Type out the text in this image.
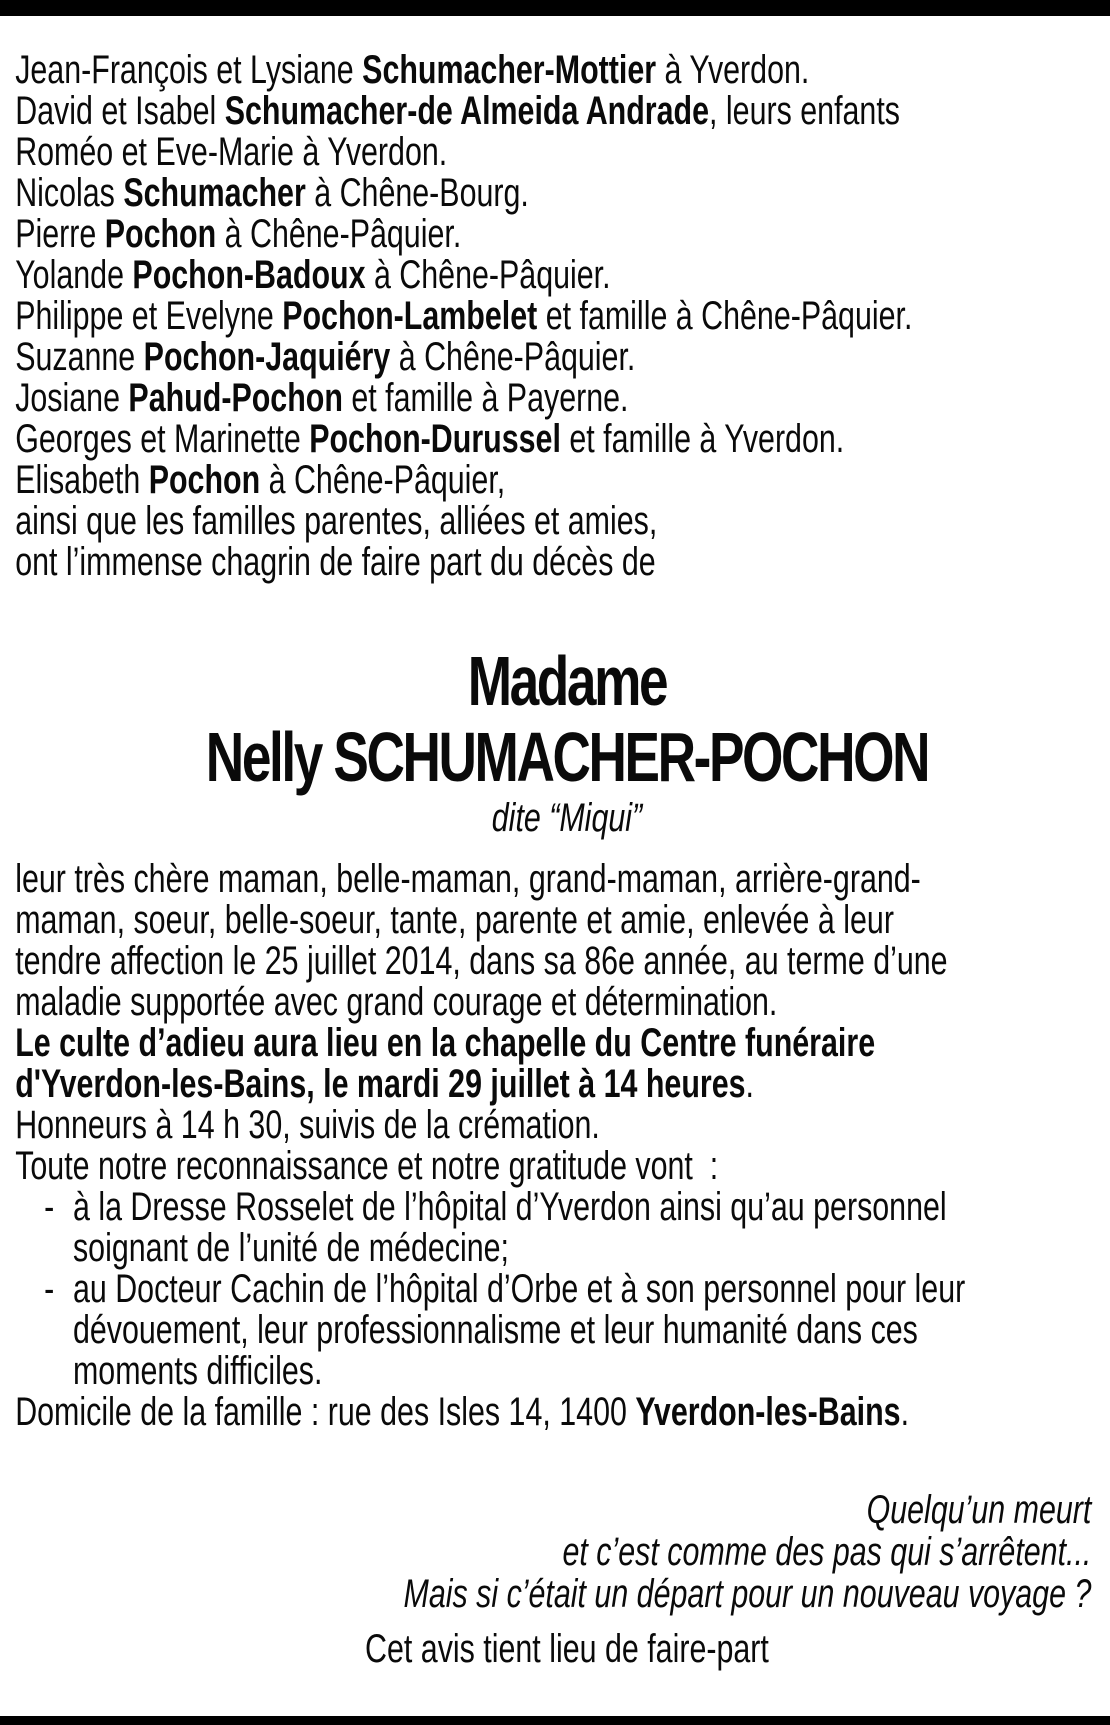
Jean-François et Lysiane Schumacher-Mottier à Yverdon.
David et Isabel Schumacher-de Almeida Andrade, leurs enfants
Roméo et Eve-Marie à Yverdon.
Nicolas Schumacher à Chêne-Bourg.
Pierre Pochon à Chêne-Pâquier.
Yolande Pochon-Badoux à Chêne-Pâquier.
Philippe et Evelyne Pochon-Lambelet et famille à Chêne-Pâquier.
Suzanne Pochon-Jaquiéry à Chêne-Pâquier.
Josiane Pahud-Pochon et famille à Payerne.
Georges et Marinette Pochon-Durussel et famille à Yverdon.
Elisabeth Pochon à Chêne-Pâquier,
ainsi que les familles parentes, alliées et amies,
ont l’immense chagrin de faire part du décès de
Madame
Nelly SCHUMACHER-POCHON
dite “Miqui”
leur très chère maman, belle-maman, grand-maman, arrière-grand-
maman, soeur, belle-soeur, tante, parente et amie, enlevée à leur
tendre affection le 25 juillet 2014, dans sa 86e année, au terme d’une
maladie supportée avec grand courage et détermination.
Le culte d’adieu aura lieu en la chapelle du Centre funéraire
d'Yverdon-les-Bains, le mardi 29 juillet à 14 heures.
Honneurs à 14 h 30, suivis de la crémation.
Toute notre reconnaissance et notre gratitude vont  :
- à la Dresse Rosselet de l’hôpital d’Yverdon ainsi qu’au personnel
soignant de l’unité de médecine;
- au Docteur Cachin de l’hôpital d’Orbe et à son personnel pour leur
dévouement, leur professionnalisme et leur humanité dans ces
moments difficiles.
Domicile de la famille : rue des Isles 14, 1400 Yverdon-les-Bains.
Quelqu’un meurt
et c’est comme des pas qui s’arrêtent...
Mais si c’était un départ pour un nouveau voyage ?
Cet avis tient lieu de faire-part
